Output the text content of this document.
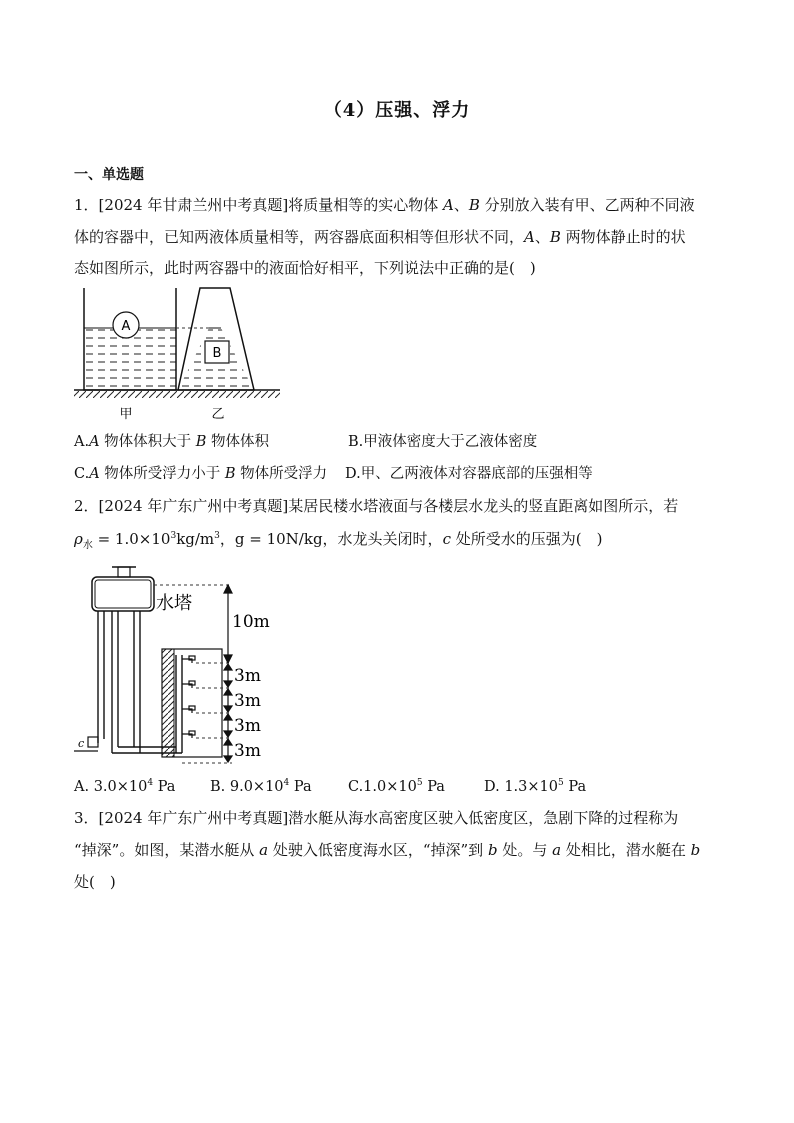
（4）压强、浮力
一、单选题
1．[2024 年甘肃兰州中考真题]将质量相等的实心物体 A、B 分别放入装有甲、乙两种不同液
体的容器中，已知两液体质量相等，两容器底面积相等但形状不同，A、B 两物体静止时的状
态如图所示，此时两容器中的液面恰好相平，下列说法中正确的是(　)
A
B
甲	乙
A.A 物体体积大于 B 物体体积	B.甲液体密度大于乙液体密度
C.A 物体所受浮力小于 B 物体所受浮力 D.甲、乙两液体对容器底部的压强相等
2．[2024 年广东广州中考真题]某居民楼水塔液面与各楼层水龙头的竖直距离如图所示，若
$\rho_水 = 1.0\times 10^3kg/m^3$，g = 10N/kg，水龙头关闭时，c 处所受水的压强为(　)
水塔
10m
3m
3m
3m
3m
c
A. $3.0\times 10^4$ Pa B. $9.0\times 10^4$ Pa	$C.1.0\times 10^5$ Pa	D. $1.3\times 10^5$ Pa
3．[2024 年广东广州中考真题]潜水艇从海水高密度区驶入低密度区，急剧下降的过程称为
“掉深”。如图，某潜水艇从 a 处驶入低密度海水区，“掉深”到 b 处。与 a 处相比，潜水艇在 b
处(　)
